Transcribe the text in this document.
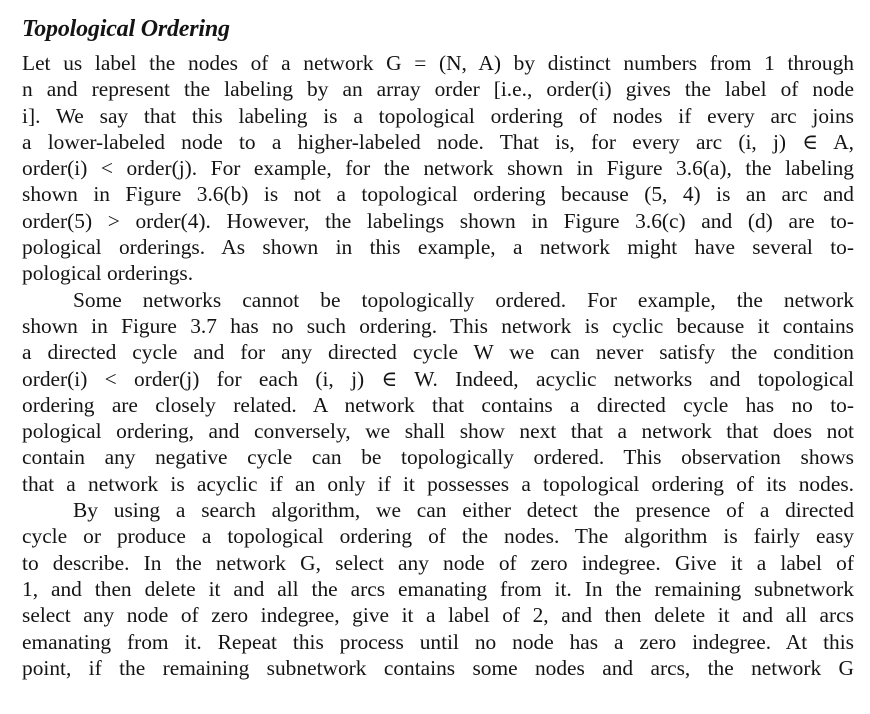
Topological Ordering
Let us label the nodes of a network G = (N, A) by distinct numbers from 1 through
n and represent the labeling by an array order [i.e., order(i) gives the label of node
i]. We say that this labeling is a topological ordering of nodes if every arc joins
a lower-labeled node to a higher-labeled node. That is, for every arc (i, j) ∈ A,
order(i) < order(j). For example, for the network shown in Figure 3.6(a), the labeling
shown in Figure 3.6(b) is not a topological ordering because (5, 4) is an arc and
order(5) > order(4). However, the labelings shown in Figure 3.6(c) and (d) are to-
pological orderings. As shown in this example, a network might have several to-
pological orderings.
Some networks cannot be topologically ordered. For example, the network
shown in Figure 3.7 has no such ordering. This network is cyclic because it contains
a directed cycle and for any directed cycle W we can never satisfy the condition
order(i) < order(j) for each (i, j) ∈ W. Indeed, acyclic networks and topological
ordering are closely related. A network that contains a directed cycle has no to-
pological ordering, and conversely, we shall show next that a network that does not
contain any negative cycle can be topologically ordered. This observation shows
that a network is acyclic if an only if it possesses a topological ordering of its nodes.
By using a search algorithm, we can either detect the presence of a directed
cycle or produce a topological ordering of the nodes. The algorithm is fairly easy
to describe. In the network G, select any node of zero indegree. Give it a label of
1, and then delete it and all the arcs emanating from it. In the remaining subnetwork
select any node of zero indegree, give it a label of 2, and then delete it and all arcs
emanating from it. Repeat this process until no node has a zero indegree. At this
point, if the remaining subnetwork contains some nodes and arcs, the network G
